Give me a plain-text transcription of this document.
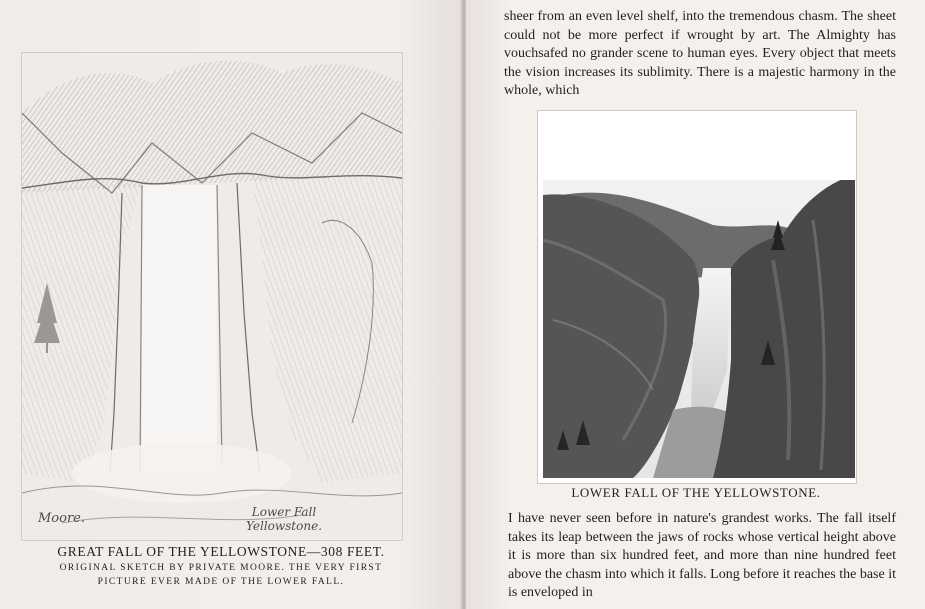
Moore.	Lower Fall
Yellowstone.
GREAT FALL OF THE YELLOWSTONE—308 FEET.
ORIGINAL SKETCH BY PRIVATE MOORE. THE VERY FIRST
PICTURE EVER MADE OF THE LOWER FALL.
sheer from an even level shelf, into the tremendous chasm. The sheet could not be more perfect if wrought by art. The Almighty has vouchsafed no grander scene to human eyes. Every object that meets the vision increases its sublimity. There is a majestic harmony in the whole, which
LOWER FALL OF THE YELLOWSTONE.
I have never seen before in nature's grandest works. The fall itself takes its leap between the jaws of rocks whose vertical height above it is more than six hundred feet, and more than nine hundred feet above the chasm into which it falls. Long before it reaches the base it is enveloped in
